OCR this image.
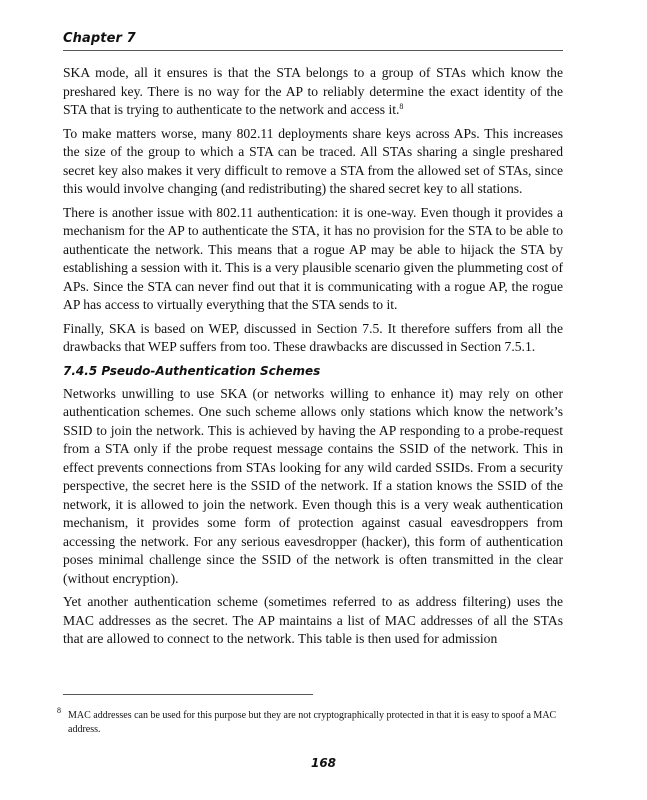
Chapter 7

SKA mode, all it ensures is that the STA belongs to a group of STAs which know the preshared key. There is no way for the AP to reliably determine the exact identity of the STA that is trying to authenticate to the network and access it.$^8$

To make matters worse, many 802.11 deployments share keys across APs. This increases the size of the group to which a STA can be traced. All STAs sharing a single preshared secret key also makes it very difficult to remove a STA from the allowed set of STAs, since this would involve changing (and redistributing) the shared secret key to all stations.

There is another issue with 802.11 authentication: it is one-way. Even though it provides a mechanism for the AP to authenticate the STA, it has no provision for the STA to be able to authenticate the network. This means that a rogue AP may be able to hijack the STA by establishing a session with it. This is a very plausible scenario given the plummeting cost of APs. Since the STA can never find out that it is communicating with a rogue AP, the rogue AP has access to virtually everything that the STA sends to it.

Finally, SKA is based on WEP, discussed in Section 7.5. It therefore suffers from all the drawbacks that WEP suffers from too. These drawbacks are discussed in Section 7.5.1.

7.4.5 Pseudo-Authentication Schemes

Networks unwilling to use SKA (or networks willing to enhance it) may rely on other authentication schemes. One such scheme allows only stations which know the network’s SSID to join the network. This is achieved by having the AP responding to a probe-request from a STA only if the probe request message contains the SSID of the network. This in effect prevents connections from STAs looking for any wild carded SSIDs. From a security perspective, the secret here is the SSID of the network. If a station knows the SSID of the network, it is allowed to join the network. Even though this is a very weak authentication mechanism, it provides some form of protection against casual eavesdroppers from accessing the network. For any serious eavesdropper (hacker), this form of authentication poses minimal challenge since the SSID of the network is often transmitted in the clear (without encryption).

Yet another authentication scheme (sometimes referred to as address filtering) uses the MAC addresses as the secret. The AP maintains a list of MAC addresses of all the STAs that are allowed to connect to the network. This table is then used for admission

8 MAC addresses can be used for this purpose but they are not cryptographically protected in that it is easy to spoof a MAC address.
168
